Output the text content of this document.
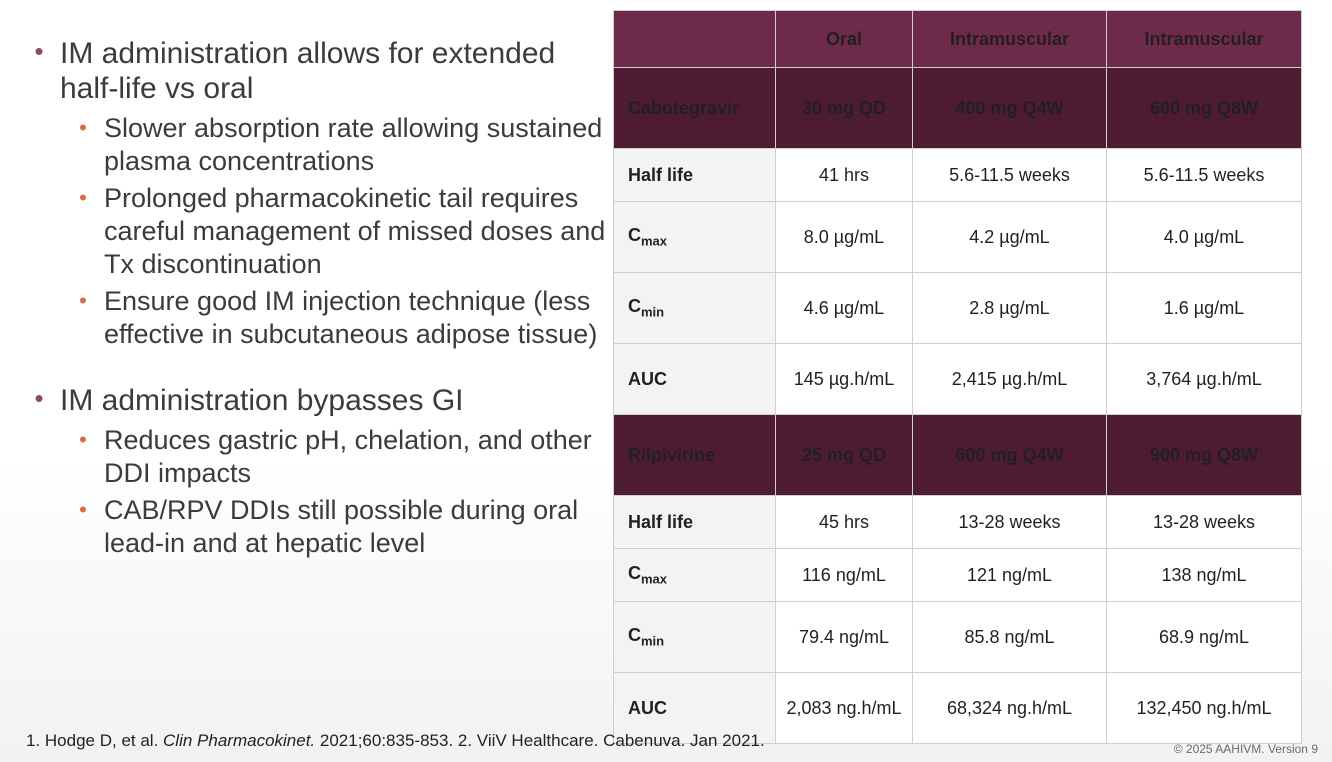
• IM administration allows for extended half-life vs oral
• Slower absorption rate allowing sustained plasma concentrations
• Prolonged pharmacokinetic tail requires careful management of missed doses and Tx discontinuation
• Ensure good IM injection technique (less effective in subcutaneous adipose tissue)
• IM administration bypasses GI
• Reduces gastric pH, chelation, and other DDI impacts
• CAB/RPV DDIs still possible during oral lead-in and at hepatic level
	Oral	Intramuscular	Intramuscular
Cabotegravir	30 mg QD	400 mg Q4W	600 mg Q8W
Half life	41 hrs	5.6-11.5 weeks	5.6-11.5 weeks
$C_{max}$	8.0 µg/mL	4.2 µg/mL	4.0 µg/mL
$C_{min}$	4.6 µg/mL	2.8 µg/mL	1.6 µg/mL
AUC	145 µg.h/mL	2,415 µg.h/mL	3,764 µg.h/mL
Rilpivirine	25 mg QD	600 mg Q4W	900 mg Q8W
Half life	45 hrs	13-28 weeks	13-28 weeks
$C_{max}$	116 ng/mL	121 ng/mL	138 ng/mL
$C_{min}$	79.4 ng/mL	85.8 ng/mL	68.9 ng/mL
AUC	2,083 ng.h/mL	68,324 ng.h/mL	132,450 ng.h/mL
1. Hodge D, et al. Clin Pharmacokinet. 2021;60:835-853. 2. ViiV Healthcare. Cabenuva. Jan 2021.	© 2025 AAHIVM. Version 9
